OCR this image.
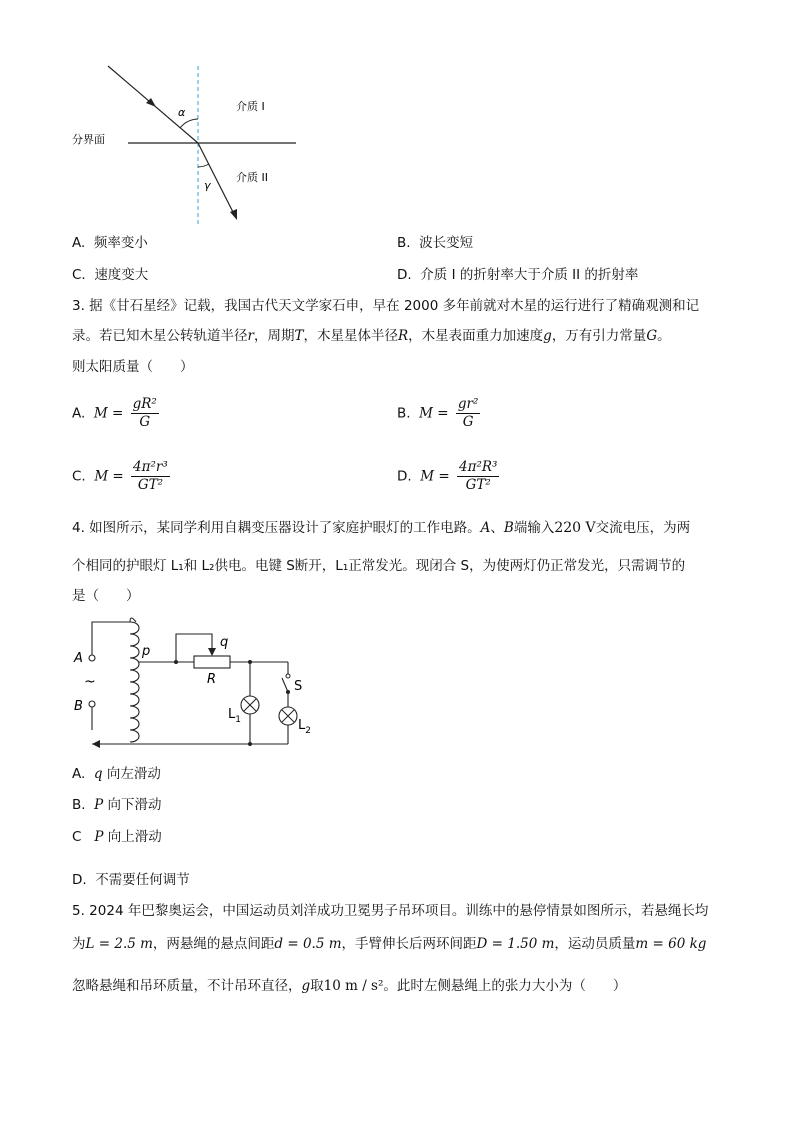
分界面
介质 I
介质 II
α
γ
A. 频率变小	B. 波长变短
C. 速度变大	D. 介质 I 的折射率大于介质 II 的折射率
3. 据《甘石星经》记载，我国古代天文学家石申，早在 2000 多年前就对木星的运行进行了精确观测和记
录。若已知木星公转轨道半径r，周期T，木星星体半径R，木星表面重力加速度g，万有引力常量G。
则太阳质量（　　）
A. $M = \frac{\text{gR²}}{G}$	B. $M = \frac{\text{gr²}}{G}$
C. $M = \frac{\text{4π²r³}}{\text{GT²}}$	D. $M = \frac{\text{4π²R³}}{\text{GT²}}$
4. 如图所示，某同学利用自耦变压器设计了家庭护眼灯的工作电路。A、B端输入220 V交流电压，为两
个相同的护眼灯 L₁和 L₂供电。电键 S断开，L₁正常发光。现闭合 S，为使两灯仍正常发光，只需调节的
是（　　）
A
~
B
p
q
R	S
$L_1$	$L_2$
A. q 向左滑动
B. P 向下滑动
C P 向上滑动
D. 不需要任何调节
5. 2024 年巴黎奥运会，中国运动员刘洋成功卫冕男子吊环项目。训练中的悬停情景如图所示，若悬绳长均
为L = 2.5 m，两悬绳的悬点间距d = 0.5 m，手臂伸长后两环间距D = 1.50 m，运动员质量m = 60 kg
忽略悬绳和吊环质量，不计吊环直径，g取10 m / s²。此时左侧悬绳上的张力大小为（　　）
